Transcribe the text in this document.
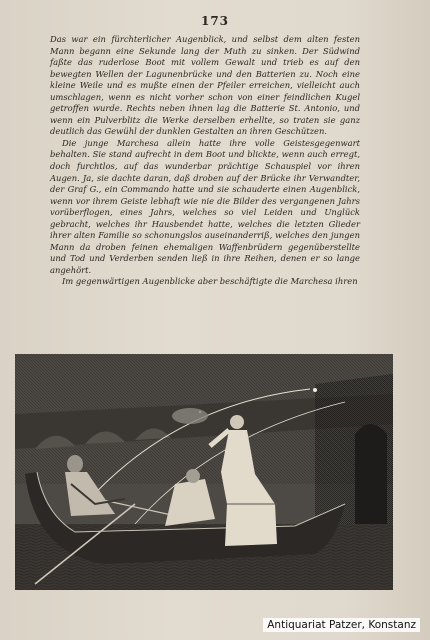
173

Das war ein fürchterlicher Augenblick, und selbst dem alten festen Mann begann eine Sekunde lang der Muth zu sinken. Der Südwind faßte das ruderlose Boot mit vollem Gewalt und trieb es auf den bewegten Wellen der Lagunenbrücke und den Batterien zu. Noch eine kleine Weile und es mußte einen der Pfeiler erreichen, vielleicht auch umschlagen, wenn es nicht vorher schon von einer feindlichen Kugel getroffen wurde. Rechts neben ihnen lag die Batterie St. Antonio, und wenn ein Pulverblitz die Werke derselben erhellte, so traten sie ganz deutlich das Gewühl der dunklen Gestalten an ihren Geschützen.

Die junge Marchesa allein hatte ihre volle Geistesgegenwart behalten. Sie stand aufrecht in dem Boot und blickte, wenn auch erregt, doch furchtlos, auf das wunderbar prächtige Schauspiel vor ihren Augen. Ja, sie dachte daran, daß droben auf der Brücke ihr Verwandter, der Graf G., ein Commando hatte und sie schauderte einen Augenblick, wenn vor ihrem Geiste lebhaft wie nie die Bilder des vergangenen Jahrs vorüberflogen, eines Jahrs, welches so viel Leiden und Unglück gebracht, welches ihr Hausbendet hatte, welches die letzten Glieder ihrer alten Familie so schonungslos auseinanderriß, welches den jungen Mann da droben feinen ehemaligen Waffenbrüdern gegenüberstellte und Tod und Verderben senden ließ in ihre Reihen, denen er so lange angehört.

Im gegenwärtigen Augenblicke aber beschäftigte die Marchesa ihren

Antiquariat Patzer, Konstanz
